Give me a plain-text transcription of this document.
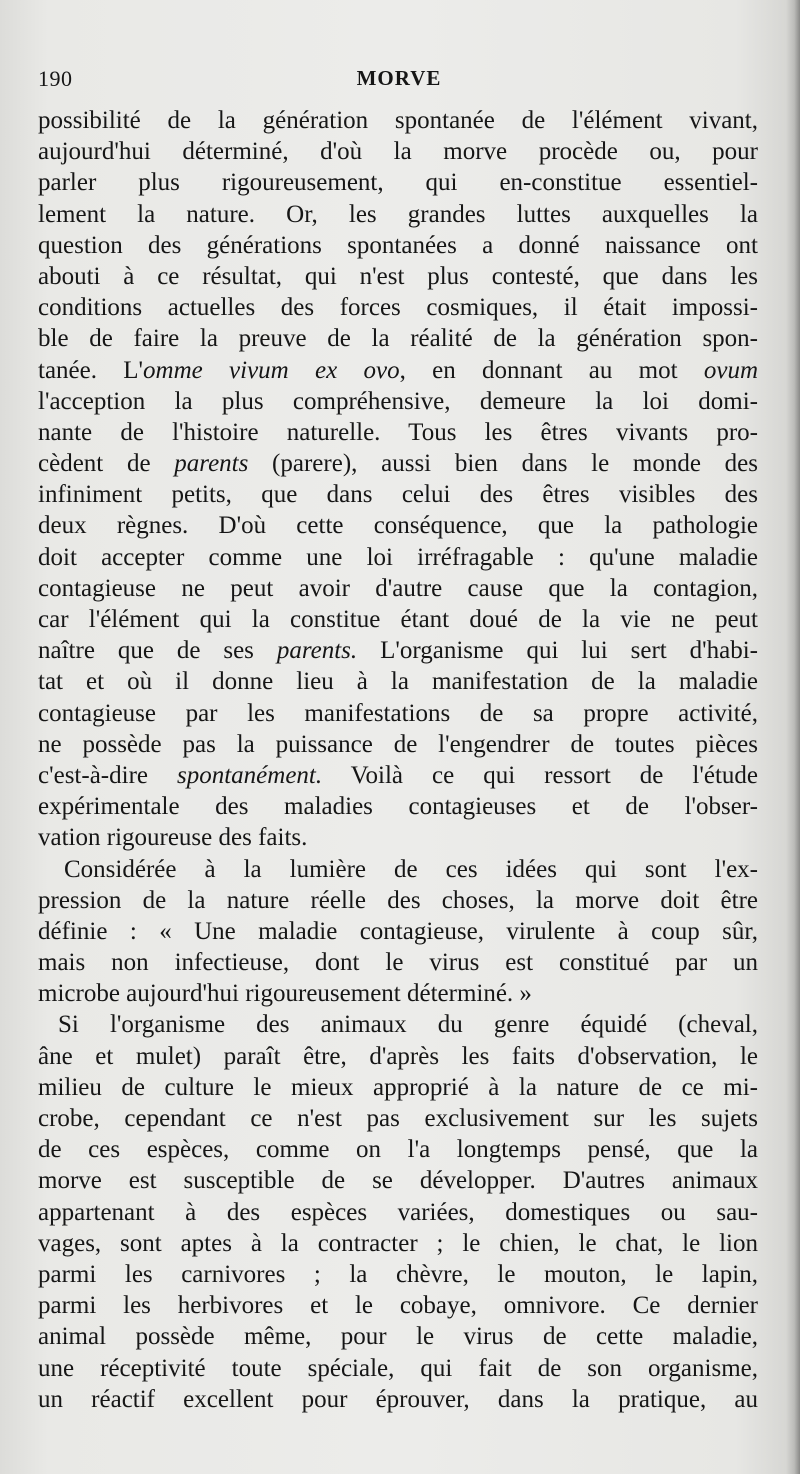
190	MORVE
possibilité de la génération spontanée de l'élément vivant,
aujourd'hui déterminé, d'où la morve procède ou, pour
parler plus rigoureusement, qui en-constitue essentiel-
lement la nature. Or, les grandes luttes auxquelles la
question des générations spontanées a donné naissance ont
abouti à ce résultat, qui n'est plus contesté, que dans les
conditions actuelles des forces cosmiques, il était impossi-
ble de faire la preuve de la réalité de la génération spon-
tanée. L'omme vivum ex ovo, en donnant au mot ovum
l'acception la plus compréhensive, demeure la loi domi-
nante de l'histoire naturelle. Tous les êtres vivants pro-
cèdent de parents (parere), aussi bien dans le monde des
infiniment petits, que dans celui des êtres visibles des
deux règnes. D'où cette conséquence, que la pathologie
doit accepter comme une loi irréfragable : qu'une maladie
contagieuse ne peut avoir d'autre cause que la contagion,
car l'élément qui la constitue étant doué de la vie ne peut
naître que de ses parents. L'organisme qui lui sert d'habi-
tat et où il donne lieu à la manifestation de la maladie
contagieuse par les manifestations de sa propre activité,
ne possède pas la puissance de l'engendrer de toutes pièces
c'est-à-dire spontanément. Voilà ce qui ressort de l'étude
expérimentale des maladies contagieuses et de l'obser-
vation rigoureuse des faits.
Considérée à la lumière de ces idées qui sont l'ex-
pression de la nature réelle des choses, la morve doit être
définie : « Une maladie contagieuse, virulente à coup sûr,
mais non infectieuse, dont le virus est constitué par un
microbe aujourd'hui rigoureusement déterminé. »
Si l'organisme des animaux du genre équidé (cheval,
âne et mulet) paraît être, d'après les faits d'observation, le
milieu de culture le mieux approprié à la nature de ce mi-
crobe, cependant ce n'est pas exclusivement sur les sujets
de ces espèces, comme on l'a longtemps pensé, que la
morve est susceptible de se développer. D'autres animaux
appartenant à des espèces variées, domestiques ou sau-
vages, sont aptes à la contracter ; le chien, le chat, le lion
parmi les carnivores ; la chèvre, le mouton, le lapin,
parmi les herbivores et le cobaye, omnivore. Ce dernier
animal possède même, pour le virus de cette maladie,
une réceptivité toute spéciale, qui fait de son organisme,
un réactif excellent pour éprouver, dans la pratique, au
